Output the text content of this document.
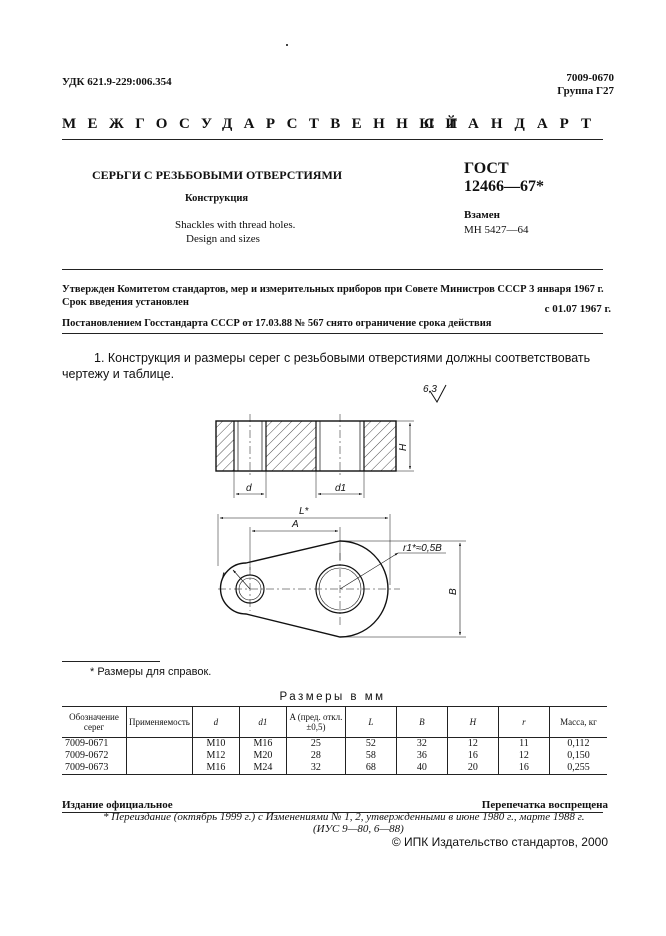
УДК 621.9-229:006.354	7009-0670
Группа Г27
МЕЖГОСУДАРСТВЕННЫЙ
СТАНДАРТ
СЕРЬГИ С РЕЗЬБОВЫМИ ОТВЕРСТИЯМИ
Конструкция
Shackles with thread holes.
Design and sizes
ГОСТ
12466—67*
Взамен
МН 5427—64
Утвержден Комитетом стандартов, мер и измерительных приборов при Совете Министров СССР 3 января 1967 г.
Срок введения установлен
с 01.07 1967 г.
Постановлением Госстандарта СССР от 17.03.88 № 567 снято ограничение срока действия
1. Конструкция и размеры серег с резьбовыми отверстиями должны соответствовать чертежу и таблице.
6,3
H
d	d1
L*
A
B
r1*≈0,5B
r
* Размеры для справок.
Размеры в мм
Обозначение серег	Применяемость	d	d1	A (пред. откл. ±0,5)	L	B	H	r	Масса, кг
7009-0671		M10	M16	25	52	32	12	11	0,112
7009-0672		M12	M20	28	58	36	16	12	0,150
7009-0673		M16	M24	32	68	40	20	16	0,255
Издание официальное	Перепечатка воспрещена
* Переиздание (октябрь 1999 г.) с Изменениями № 1, 2, утвержденными в июне 1980 г., марте 1988 г.
(ИУС 9—80, 6—88)
© ИПК Издательство стандартов, 2000
